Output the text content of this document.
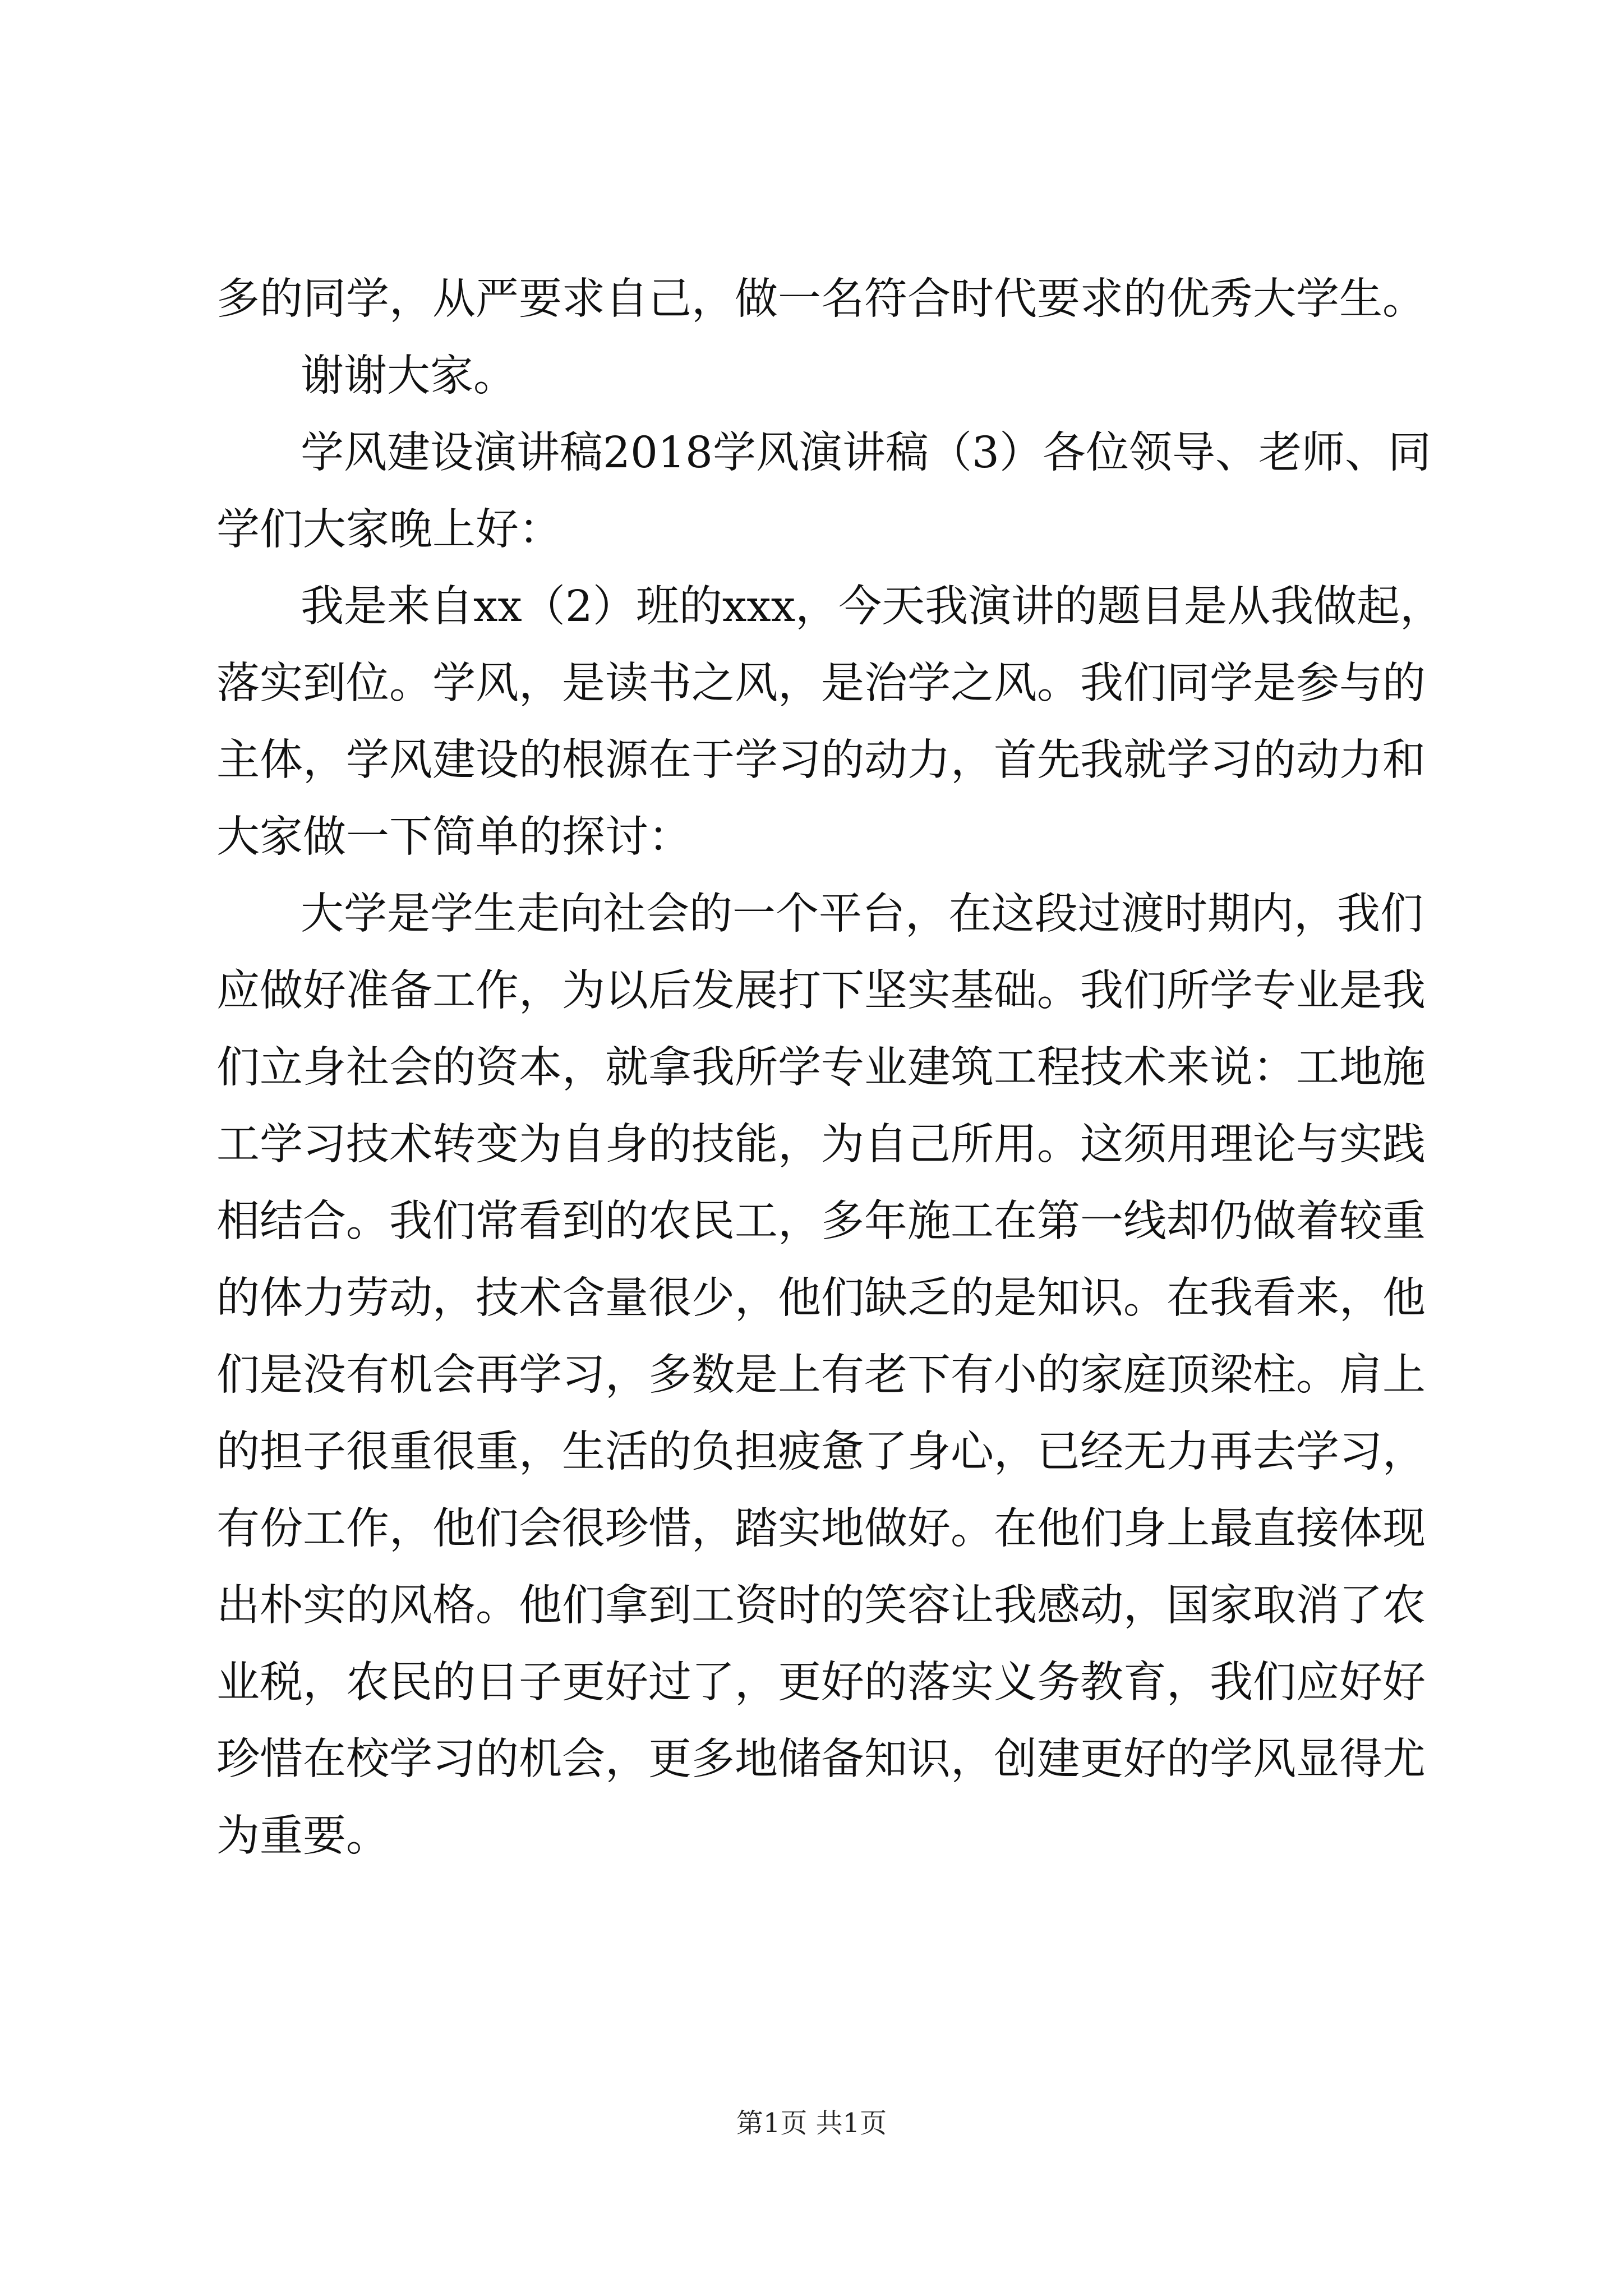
多的同学，从严要求自己，做一名符合时代要求的优秀大学生。
谢谢大家。
学风建设演讲稿2018学风演讲稿（3）各位领导、老师、同
学们大家晚上好：
我是来自xx（2）班的xxx，今天我演讲的题目是从我做起，
落实到位。学风，是读书之风，是治学之风。我们同学是参与的
主体，学风建设的根源在于学习的动力，首先我就学习的动力和
大家做一下简单的探讨：
大学是学生走向社会的一个平台，在这段过渡时期内，我们
应做好准备工作，为以后发展打下坚实基础。我们所学专业是我
们立身社会的资本，就拿我所学专业建筑工程技术来说：工地施
工学习技术转变为自身的技能，为自己所用。这须用理论与实践
相结合。我们常看到的农民工，多年施工在第一线却仍做着较重
的体力劳动，技术含量很少，他们缺乏的是知识。在我看来，他
们是没有机会再学习，多数是上有老下有小的家庭顶梁柱。肩上
的担子很重很重，生活的负担疲惫了身心，已经无力再去学习，
有份工作，他们会很珍惜，踏实地做好。在他们身上最直接体现
出朴实的风格。他们拿到工资时的笑容让我感动，国家取消了农
业税，农民的日子更好过了，更好的落实义务教育，我们应好好
珍惜在校学习的机会，更多地储备知识，创建更好的学风显得尤
为重要。
第1页 共1页
